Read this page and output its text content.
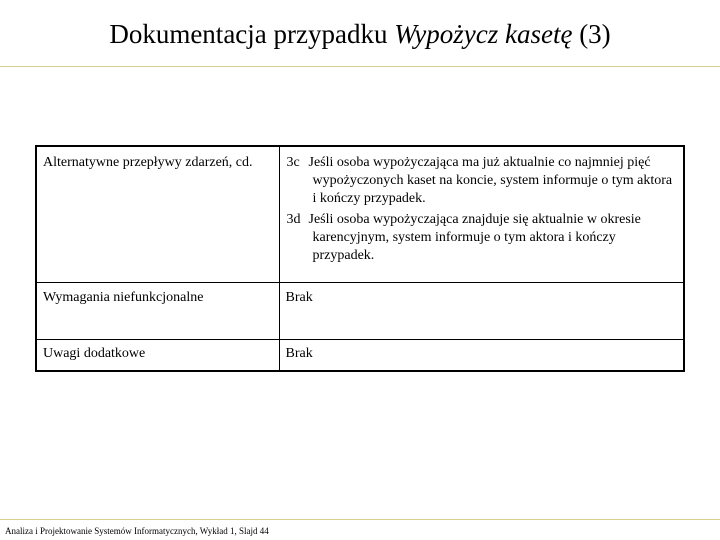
Dokumentacja przypadku Wypożycz kasetę (3)
Alternatywne przepływy zdarzeń, cd.	3c Jeśli osoba wypożyczająca ma już aktualnie co najmniej pięć wypożyczonych kaset na koncie, system informuje o tym aktora i kończy przypadek.
3d Jeśli osoba wypożyczająca znajduje się aktualnie w okresie karencyjnym, system informuje o tym aktora i kończy przypadek.

Wymagania niefunkcjonalne	Brak

Uwagi dodatkowe	Brak
Analiza i Projektowanie Systemów Informatycznych, Wykład 1, Slajd 44
